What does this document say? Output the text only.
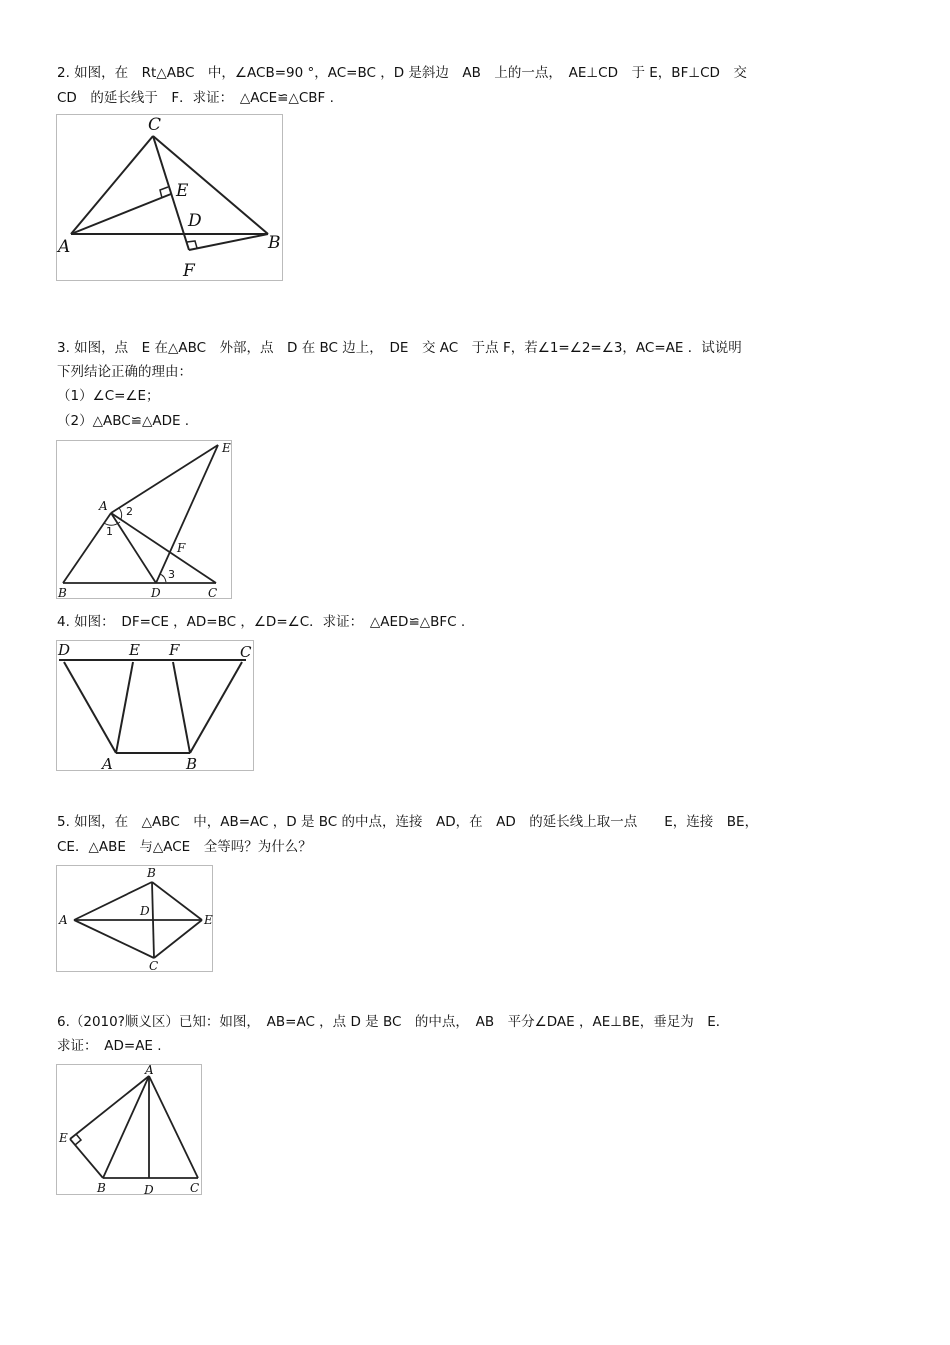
2. 如图，在　Rt△ABC　中，∠ACB=90 °，AC=BC ，D 是斜边　AB　上的一点，　AE⊥CD　于 E，BF⊥CD　交
CD　的延长线于　F．求证：　△ACE≌△CBF .
C
E
D
A	B
F
3. 如图，点　E 在△ABC　外部，点　D 在 BC 边上，　DE　交 AC　于点 F，若∠1=∠2=∠3，AC=AE ．试说明
下列结论正确的理由：
（1）∠C=∠E；
（2）△ABC≌△ADE .
A 2
1
E
F
3
B	D	C
4. 如图：　DF=CE ，AD=BC ，∠D=∠C．求证：　△AED≌△BFC .
D	E F	C
A	B
5. 如图，在　△ABC　中，AB=AC ，D 是 BC 的中点，连接　AD，在　AD　的延长线上取一点　　E，连接　BE，
CE．△ABE　与△ACE　全等吗？为什么？
A
B
D
E
C
6.（2010?顺义区）已知：如图，　AB=AC ，点 D 是 BC　的中点，　AB　平分∠DAE ，AE⊥BE，垂足为　E．
求证：　AD=AE .
A
E
B	D	C
